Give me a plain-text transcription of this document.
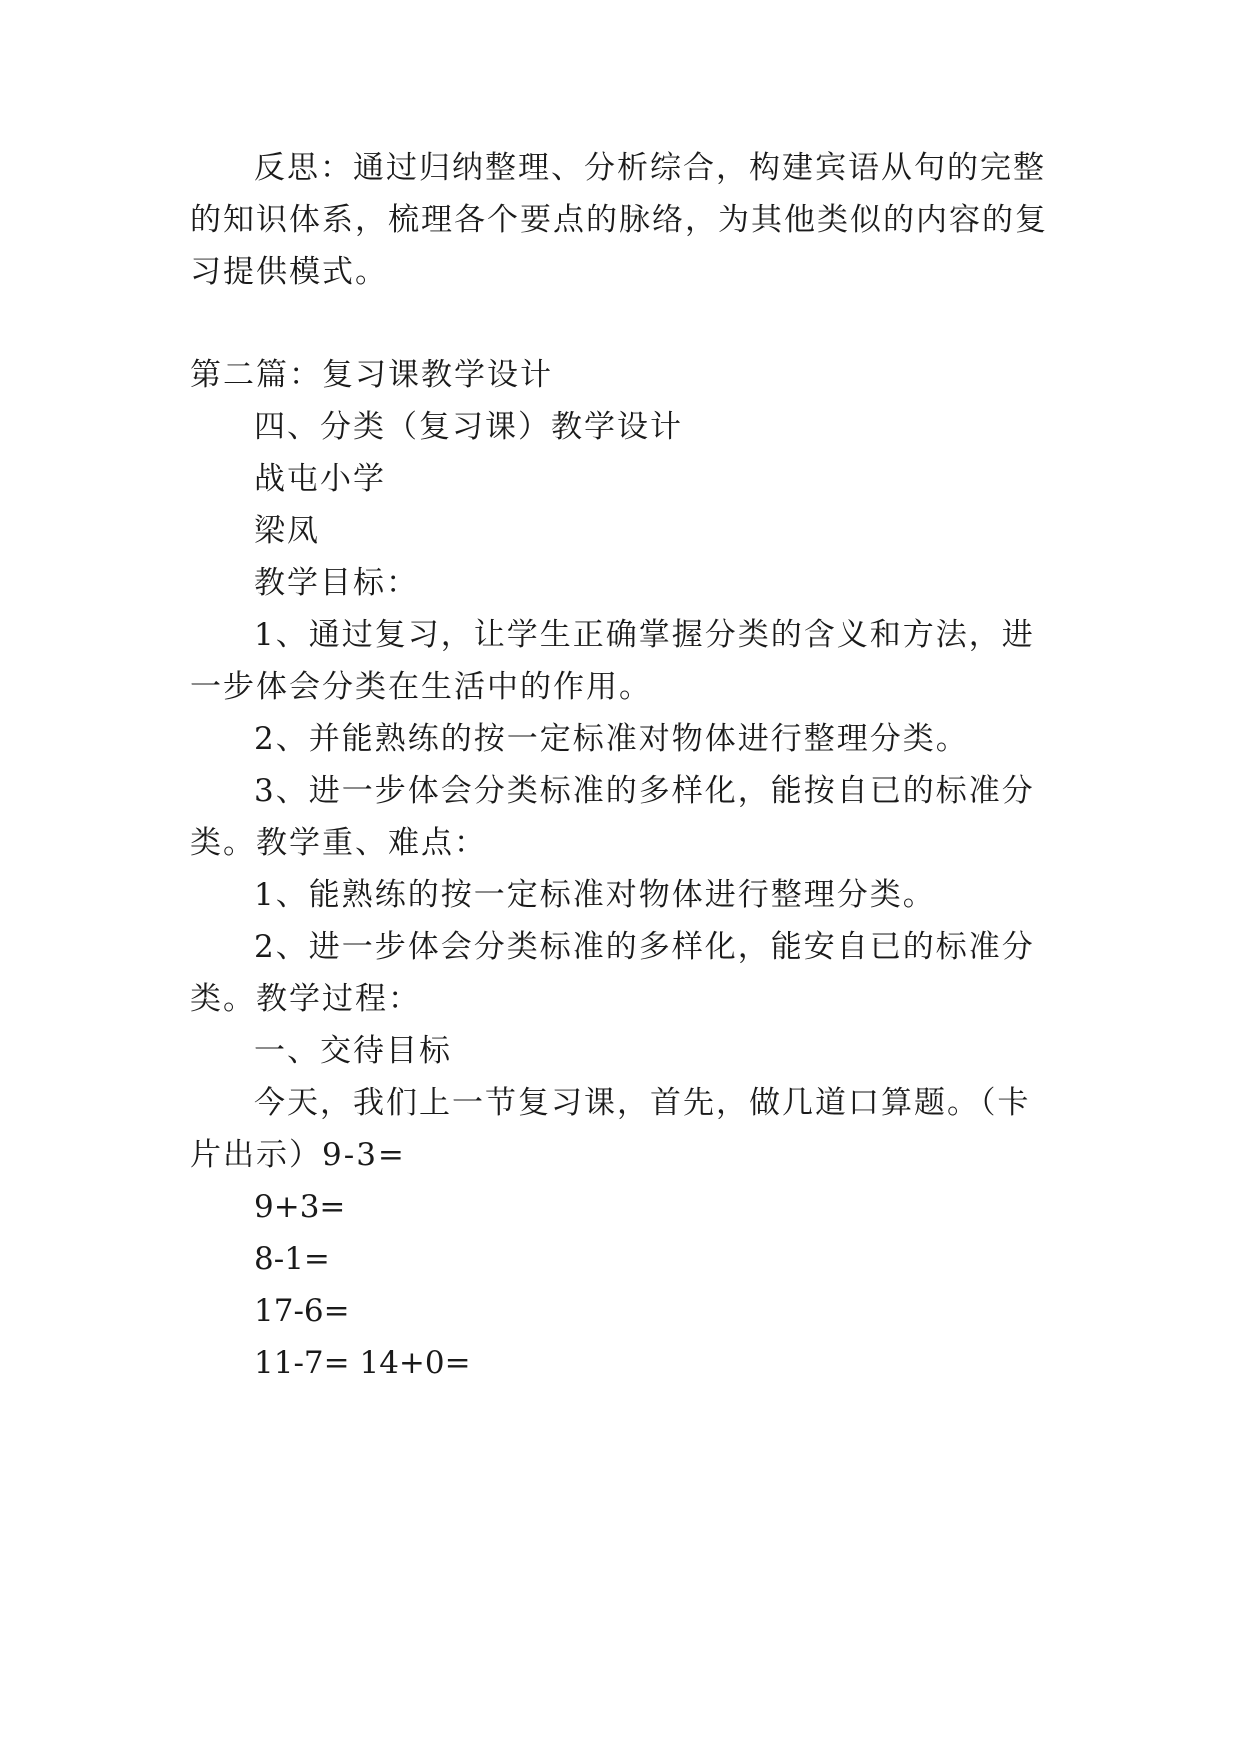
反思：通过归纳整理、分析综合，构建宾语从句的完整
的知识体系，梳理各个要点的脉络，为其他类似的内容的复
习提供模式。
第二篇：复习课教学设计
四、分类（复习课）教学设计
战屯小学
梁凤
教学目标：
1、通过复习，让学生正确掌握分类的含义和方法，进
一步体会分类在生活中的作用。
2、并能熟练的按一定标准对物体进行整理分类。
3、进一步体会分类标准的多样化，能按自已的标准分
类。教学重、难点：
1、能熟练的按一定标准对物体进行整理分类。
2、进一步体会分类标准的多样化，能安自已的标准分
类。教学过程：
一、交待目标
今天，我们上一节复习课，首先，做几道口算题。（卡
片出示）9-3=
9+3=
8-1=
17-6=
11-7= 14+0=
